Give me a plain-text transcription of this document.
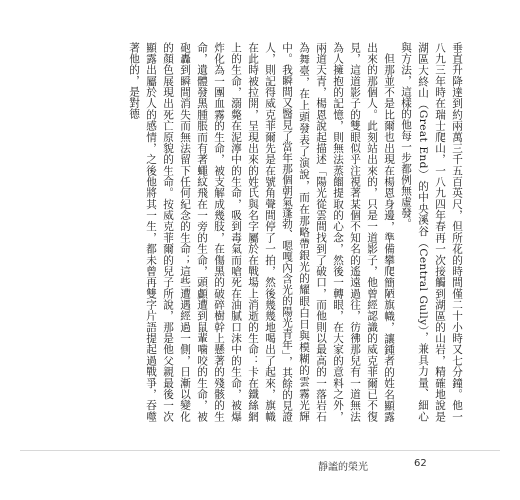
垂直升降達到約兩萬三千五百英尺，但所花的時間僅二十小時又七分鐘。他一八九三年時在瑞士爬山，一八九四年春再一次接觸到湖區的山岩，精確地說是湖區大終山（Great End）的中央溪谷（Central Gully），兼具力量、細心與方法，這樣的他每一步都例無虛發。

但那並不是比爾也出現在楊恩身邊，準備攀爬簡陋旗幟，讓鍾者的姓名顯露出來的那個人。此刻站出來的，只是一道影子，他曾經認識的威克菲爾已不復見，這道影子的雙眼似乎注視著某個不知名的遙遠過往，彷彿那兒有一道無法為人擁抱的記憶，則無法蒸餾提取的心念，然後一轉眼，在大家的意料之外，兩道天青，楊恩說起描述「陽光從雲間找到了破口，而他則以最高的一落岩石為舞臺，在上頭發表了演說，而在那略帶銀光的耀眼白日與模糊的雲霧光輝中。我瞬間又醫見了當年那個朝氣蓬勃、嗯嘎內含光的陽光青年」，其餘的見證人，則記得威克菲爾先是在號角聲間停了一拍，然後幾幾地喝出了起來，旗幟在此時被拉開，呈現出來的姓氏與名字屬於在戰場上消逝的生命：卡在鐵絲網上的生命，溺斃在泥濘中的生命，吸到毒氣而嗆死在油膩口沫中的生命，被爆炸化為一團血霧的生命，被支解成幾肢，在傷黑的破碎樹幹上懸著的殘骸的生命，遺體發黑腫脹而有著蠅紋飛在一旁的生命，頭顱遭到鼠輩噛咬的生命，被砲轟到瞬間消失而無法留下任何紀念的生命；這些遭遇經過一側，日漸以變化的顏色展現出死亡原貌的生命。按威克菲爾的兒子所說，那是他父親最後一次顯露出屬於人的感情，之後他將其一生，都未曾再雙字片語提起過戰爭，吞噬著他的，是對德

靜謐的榮光	62
